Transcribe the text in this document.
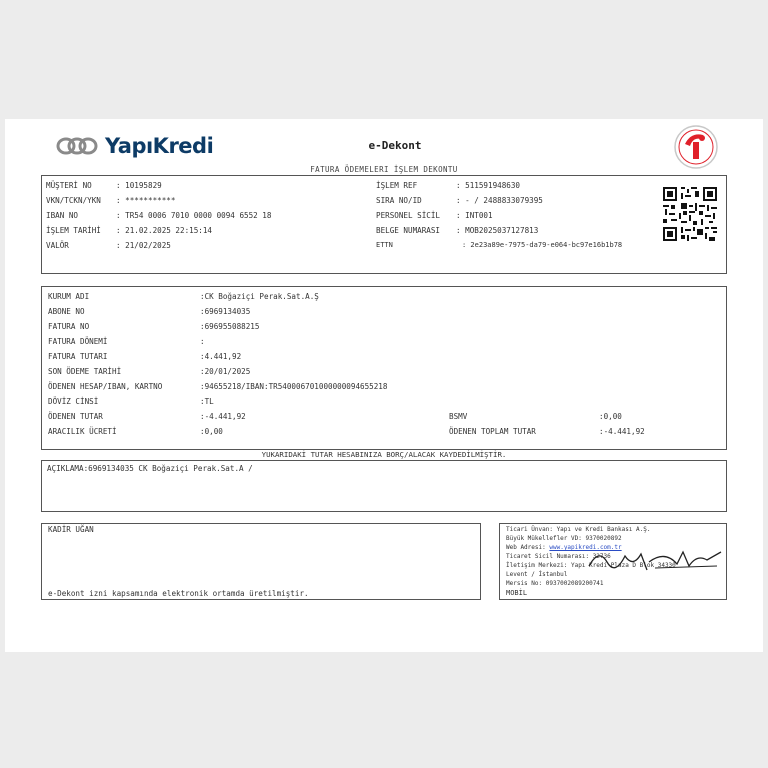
YapıKredi	e-Dekont
FATURA ÖDEMELERI İŞLEM DEKONTU
MÜŞTERİ NO	: 10195829
VKN/TCKN/YKN : ***********
IBAN NO	: TR54 0006 7010 0000 0094 6552 18
İŞLEM TARİHİ : 21.02.2025 22:15:14
VALÖR	: 21/02/2025
İŞLEM REF	: 511591948630
SIRA NO/ID	: - / 2488833079395
PERSONEL SİCİL : INT001
BELGE NUMARASI : MOB2025037127813
ETTN	: 2e23a89e-7975-da79-e064-bc97e16b1b78
KURUM ADI	:CK Boğaziçi Perak.Sat.A.Ş
ABONE NO	:6969134035
FATURA NO	:696955088215
FATURA DÖNEMİ	:
FATURA TUTARI	:4.441,92
SON ÖDEME TARİHİ	:20/01/2025
ÖDENEN HESAP/IBAN, KARTNO	:94655218/IBAN:TR540006701000000094655218
DÖVİZ CİNSİ	:TL
ÖDENEN TUTAR	:-4.441,92
ARACILIK ÜCRETİ	:0,00
BSMV	:0,00
ÖDENEN TOPLAM TUTAR	:-4.441,92
YUKARIDAKİ TUTAR HESABINIZA BORÇ/ALACAK KAYDEDİLMİŞTİR.
AÇIKLAMA:6969134035 CK Boğaziçi Perak.Sat.A /
KADİR UĞAN
e-Dekont izni kapsamında elektronik ortamda üretilmiştir.
Ticari Ünvan: Yapı ve Kredi Bankası A.Ş.
Büyük Mükellefler VD: 9370020892
Web Adresi: www.yapikredi.com.tr
Ticaret Sicil Numarası: 32736
İletişim Merkezi: Yapı Kredi Plaza D Blok 34330
Levent / İstanbul
Mersis No: 0937002089200741
MOBİL
